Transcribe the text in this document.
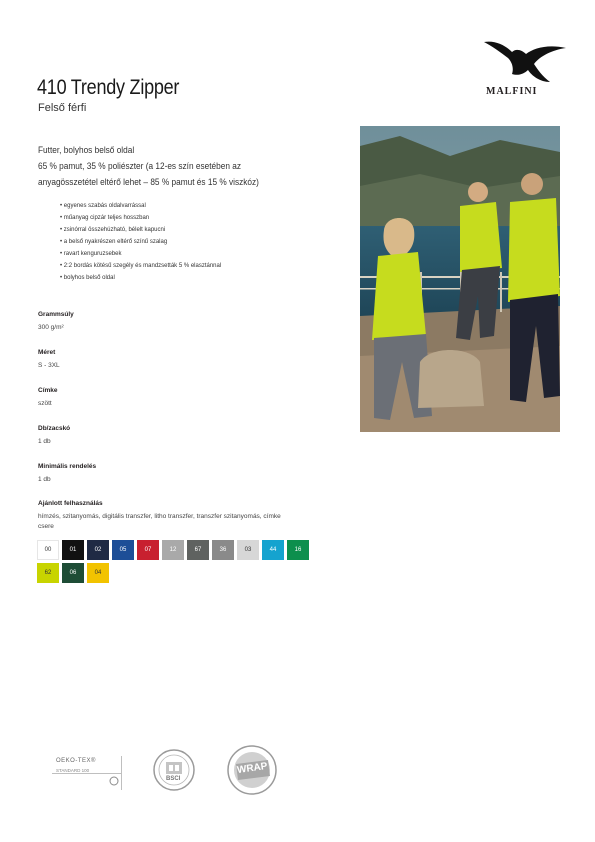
MALFINI
410 Trendy Zipper
Felső férfi
Futter, bolyhos belső oldal
65 % pamut, 35 % poliészter (a 12-es szín esetében az
anyagösszetétel eltérő lehet – 85 % pamut és 15 % viszkóz)
• egyenes szabás oldalvarrással
• műanyag cipzár teljes hosszban
• zsinórral összehúzható, bélelt kapucni
• a belső nyakrészen eltérő színű szalag
• ravart kenguruzsebek
• 2:2 bordás kötésű szegély és mandzsetták 5 % elasztánnal
• bolyhos belső oldal
Grammsúly
300 g/m²
Méret
S - 3XL
Címke
szött
Db/zacskó
1 db
Minimális rendelés
1 db
Ajánlott felhasználás
hímzés, szitanyomás, digitális transzfer, litho transzfer, transzfer szitanyomás, címke csere
00	01	02	05	07	12	67	36	03	44	16
62	06	04
OEKO-TEX®
STANDARD 100
BSCI
WRAP
